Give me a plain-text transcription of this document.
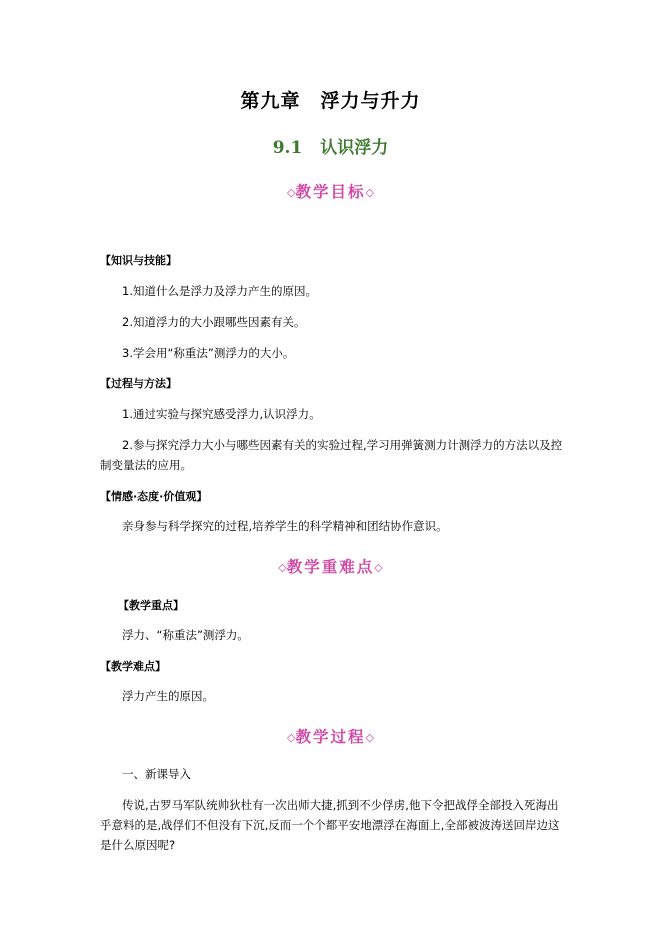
第九章　浮力与升力
9.1 认识浮力
◇教学目标◇
【知识与技能】
1.知道什么是浮力及浮力产生的原因。
2.知道浮力的大小跟哪些因素有关。
3.学会用“称重法”测浮力的大小。
【过程与方法】
1.通过实验与探究感受浮力,认识浮力。
2.参与探究浮力大小与哪些因素有关的实验过程,学习用弹簧测力计测浮力的方法以及控制变量法的应用。
【情感·态度·价值观】
亲身参与科学探究的过程,培养学生的科学精神和团结协作意识。
◇教学重难点◇
【教学重点】
浮力、“称重法”测浮力。
【教学难点】
浮力产生的原因。
◇教学过程◇
一、新课导入
传说,古罗马军队统帅狄杜有一次出师大捷,抓到不少俘虏,他下令把战俘全部投入死海出乎意料的是,战俘们不但没有下沉,反而一个个都平安地漂浮在海面上,全部被波涛送回岸边这是什么原因呢?
